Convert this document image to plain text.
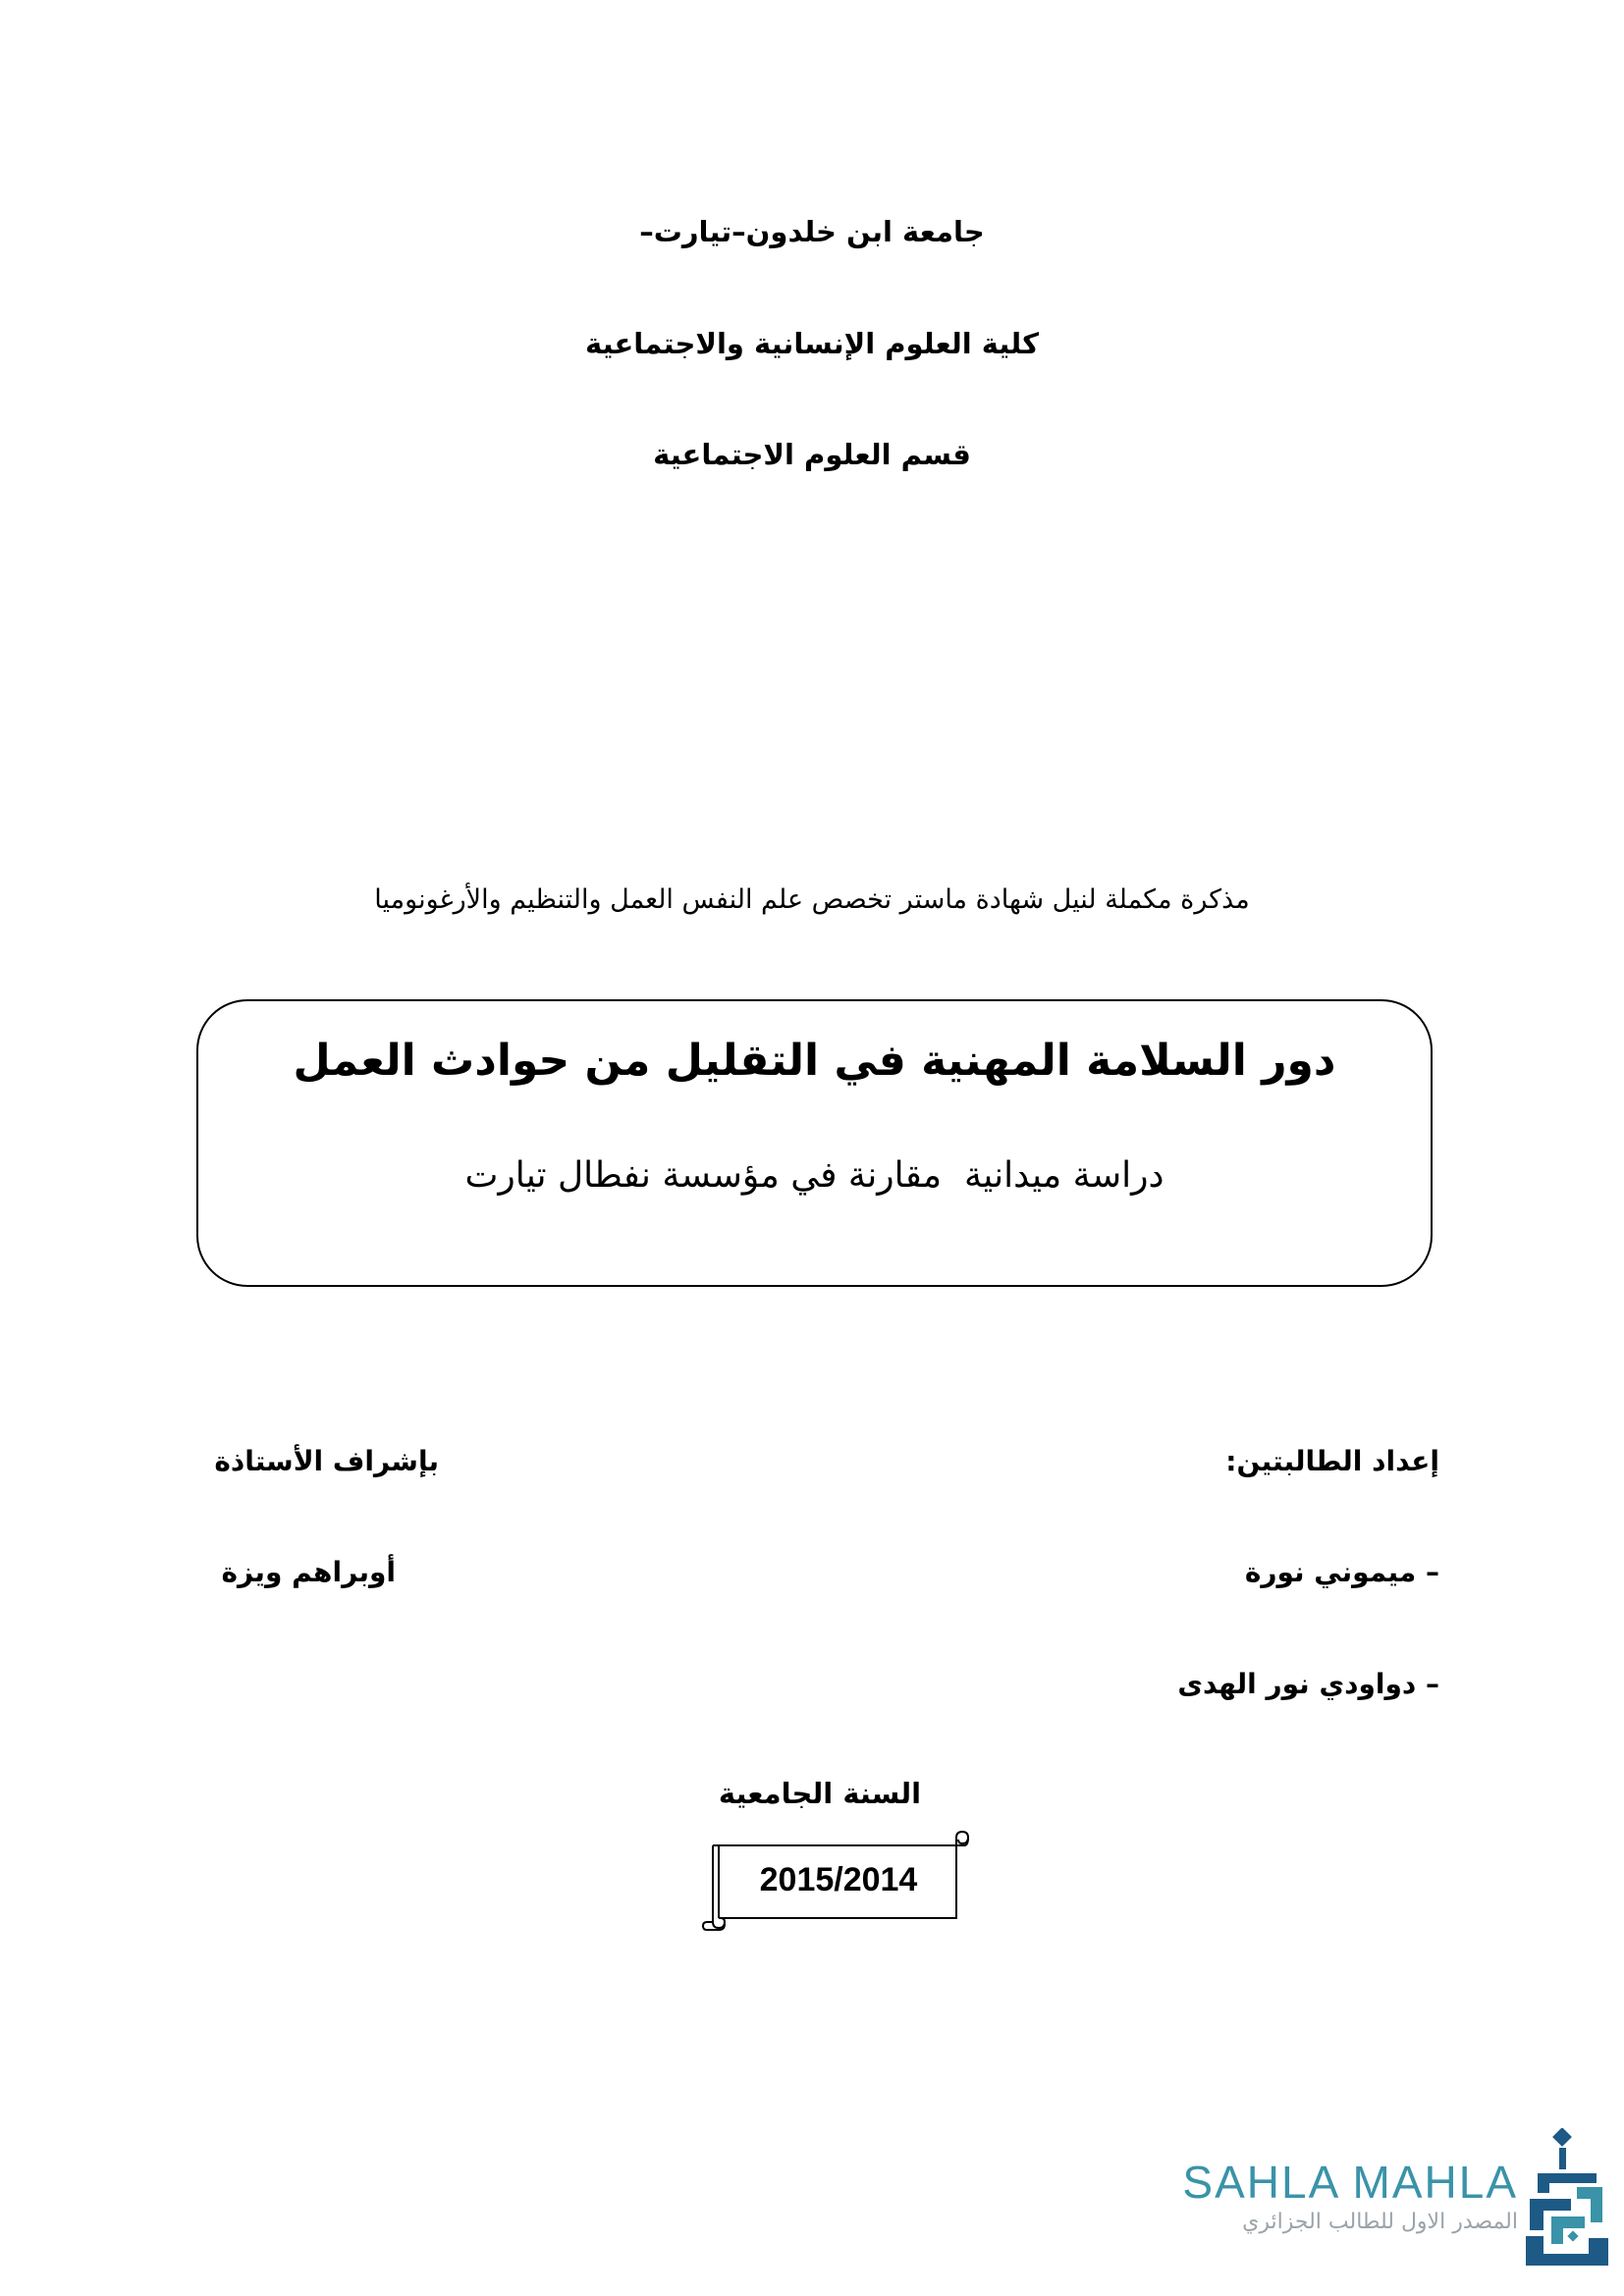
جامعة ابن خلدون–تيارت–
كلية العلوم الإنسانية والاجتماعية
قسم العلوم الاجتماعية
مذكرة مكملة لنيل شهادة ماستر تخصص علم النفس العمل والتنظيم والأرغونوميا
دور السلامة المهنية في التقليل من حوادث العمل
دراسة ميدانية  مقارنة في مؤسسة نفطال تيارت
إعداد الطالبتين:
بإشراف الأستاذة
– ميموني نورة
أوبراهم ويزة
– دواودي نور الهدى
السنة الجامعية
2015/2014
SAHLA MAHLA
المصدر الاول للطالب الجزائري
